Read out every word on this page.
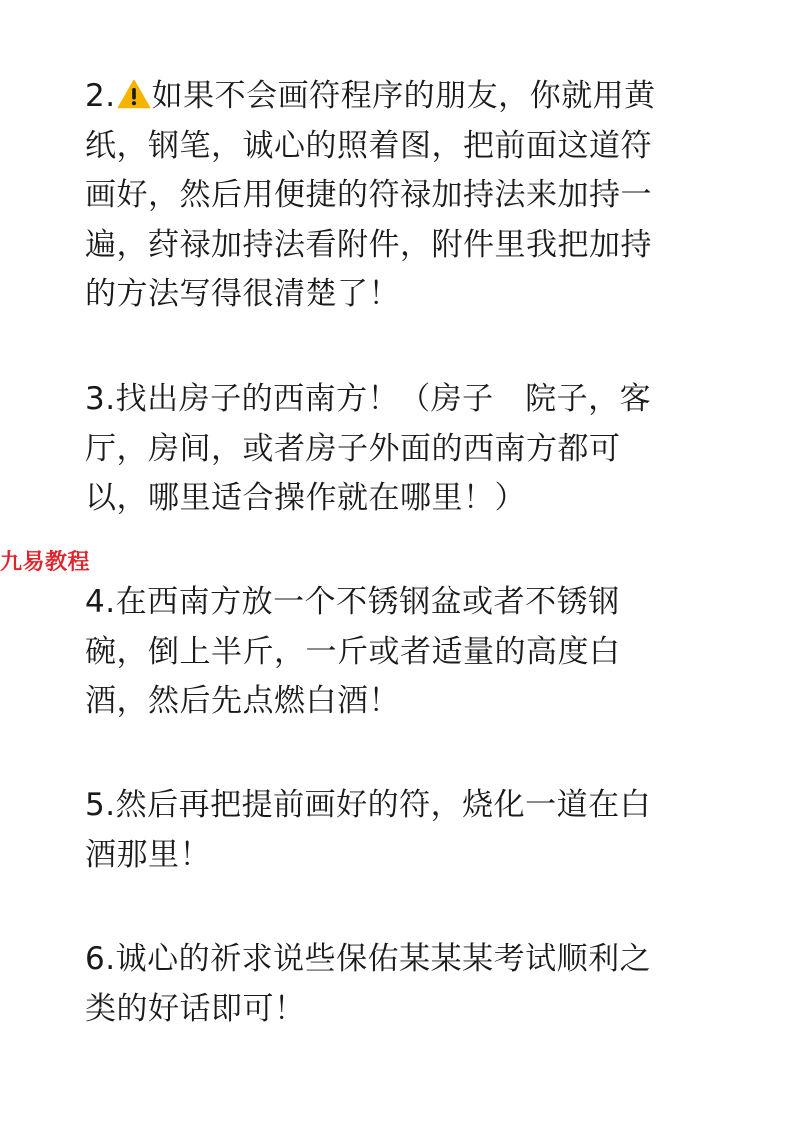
2. 如果不会画符程序的朋友，你就用黄
纸，钢笔，诚心的照着图，把前面这道符
画好，然后用便捷的符禄加持法来加持一
遍，荮禄加持法看附件，附件里我把加持
的方法写得很清楚了！
3.找出房子的西南方！（房子　院子，客
厅，房间，或者房子外面的西南方都可
以，哪里适合操作就在哪里！）
九易教程
4.在西南方放一个不锈钢盆或者不锈钢
碗，倒上半斤，一斤或者适量的高度白
酒，然后先点燃白酒！
5.然后再把提前画好的符，烧化一道在白
酒那里！
6.诚心的祈求说些保佑某某某考试顺利之
类的好话即可！
